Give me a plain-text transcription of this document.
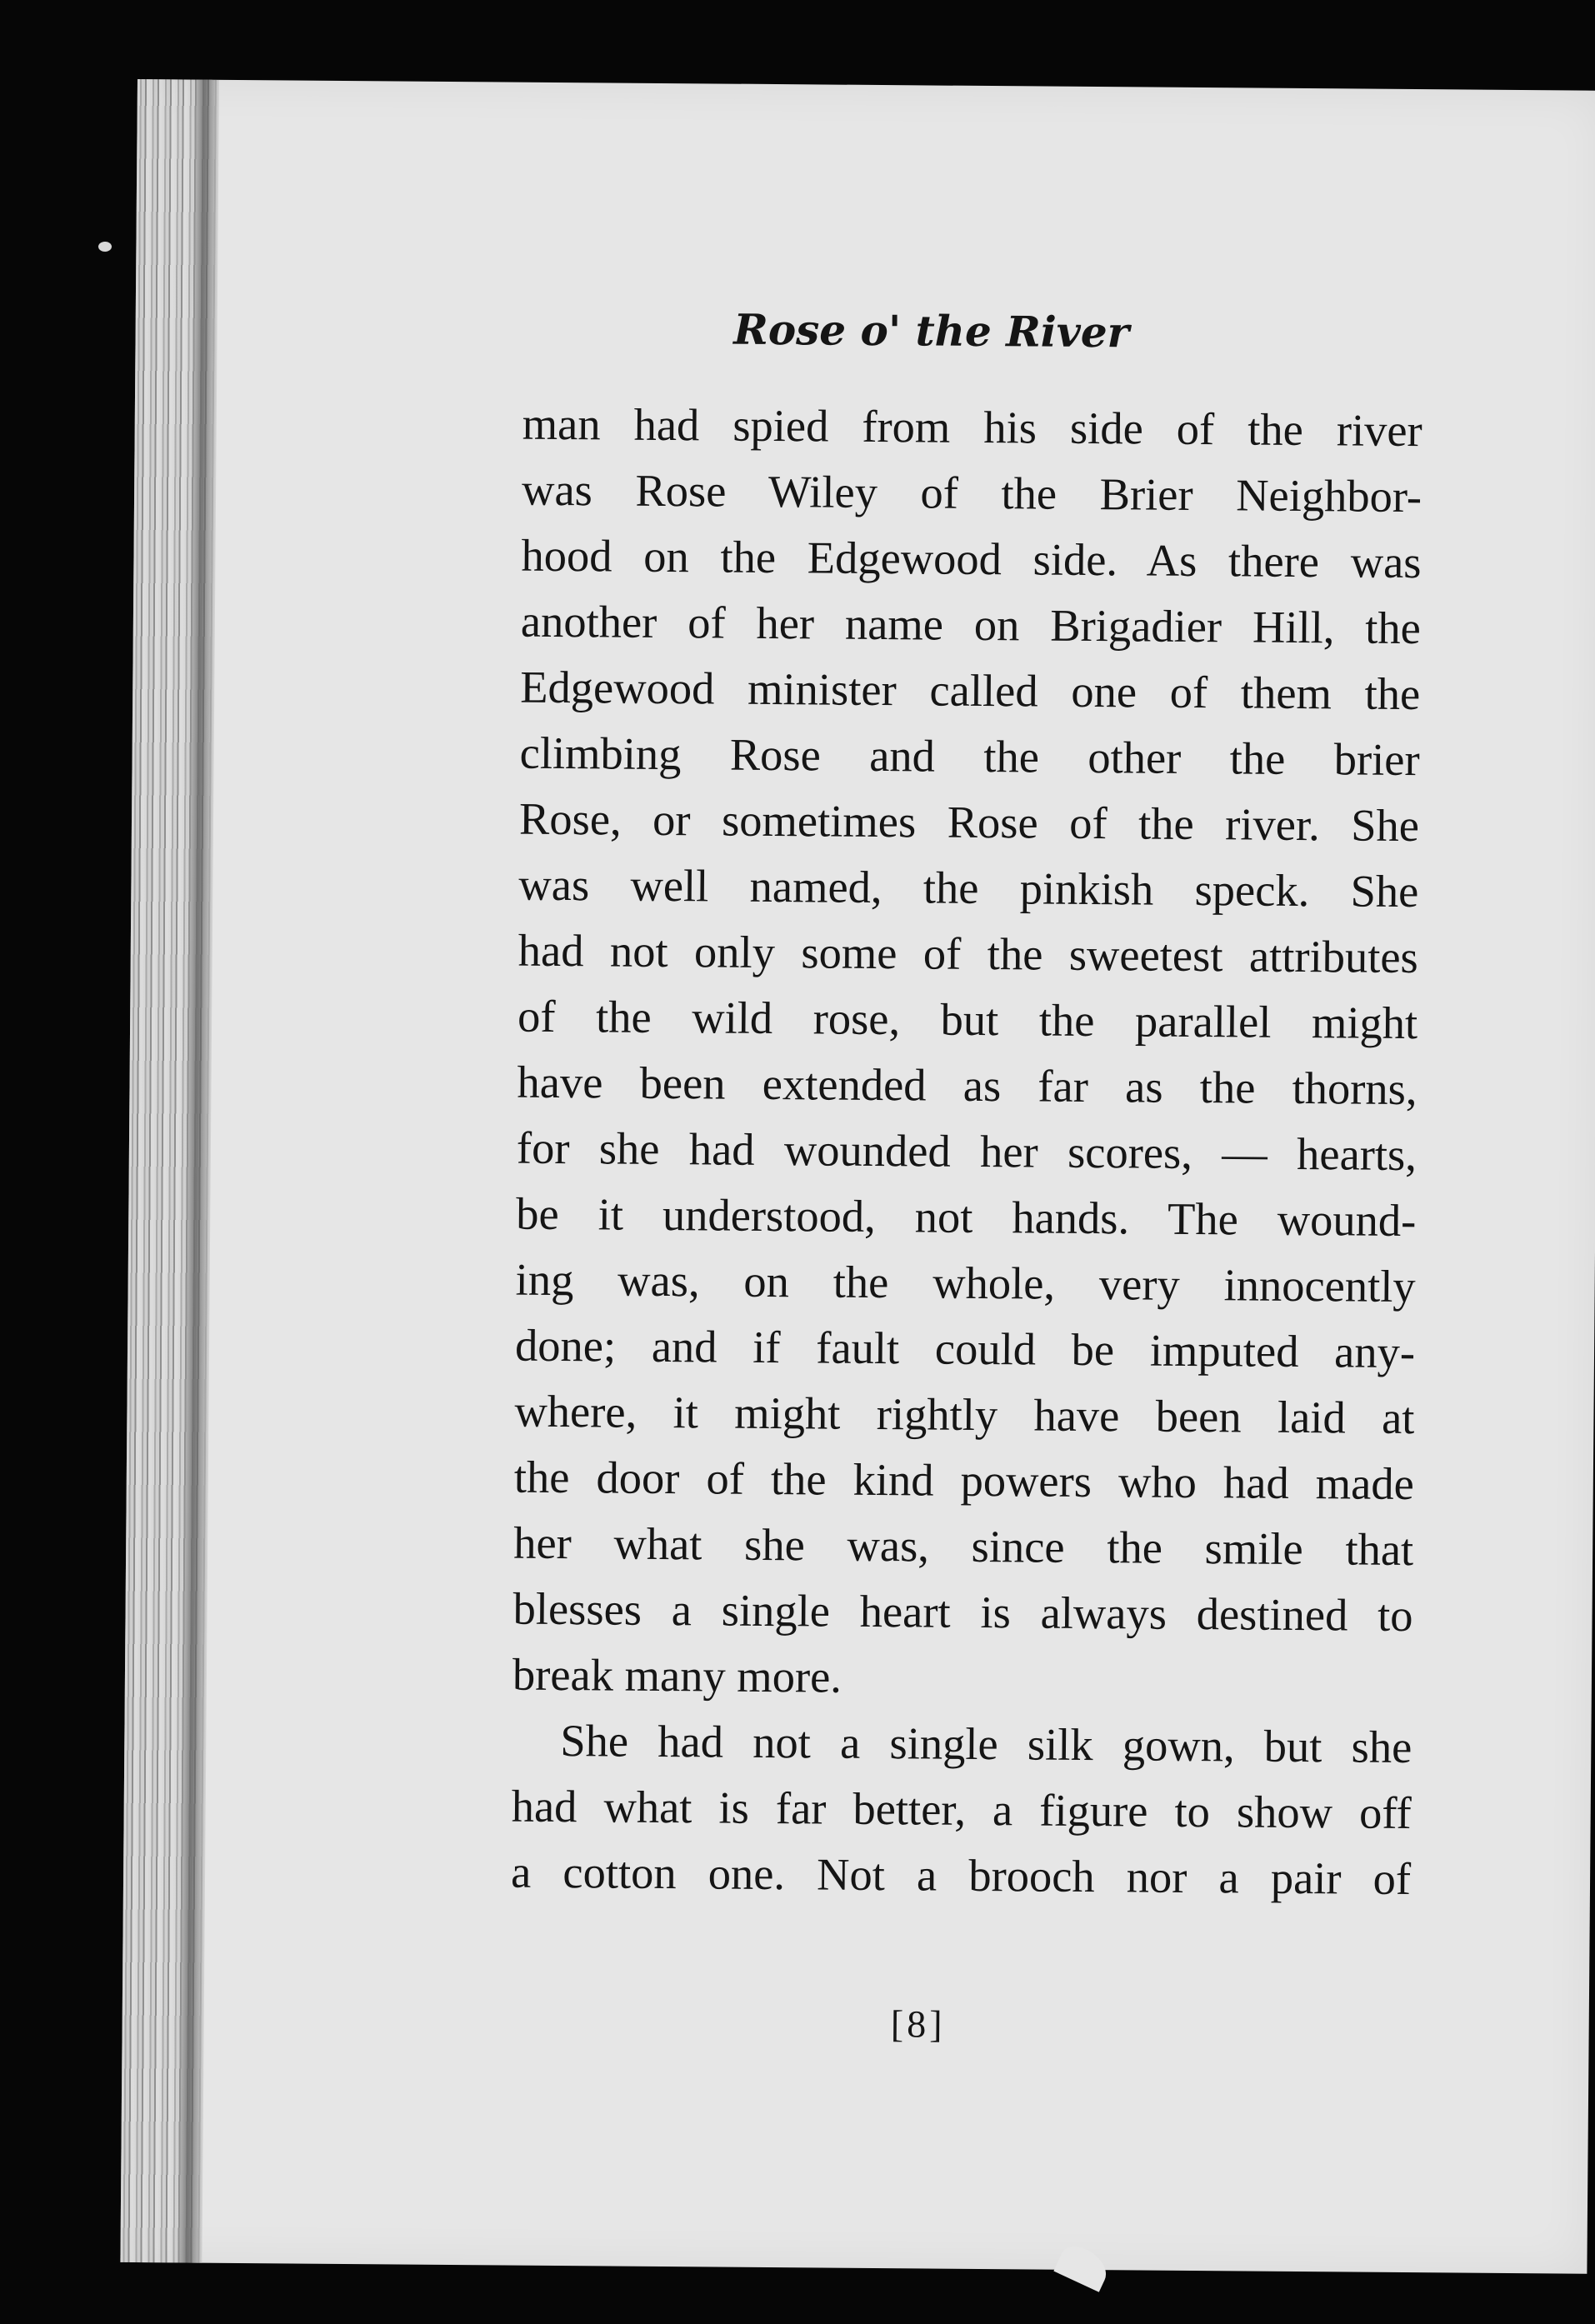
Rose o' the River

man had spied from his side of the river
was Rose Wiley of the Brier Neighbor-
hood on the Edgewood side. As there was
another of her name on Brigadier Hill, the
Edgewood minister called one of them the
climbing Rose and the other the brier
Rose, or sometimes Rose of the river. She
was well named, the pinkish speck. She
had not only some of the sweetest attributes
of the wild rose, but the parallel might
have been extended as far as the thorns,
for she had wounded her scores, — hearts,
be it understood, not hands. The wound-
ing was, on the whole, very innocently
done; and if fault could be imputed any-
where, it might rightly have been laid at
the door of the kind powers who had made
her what she was, since the smile that
blesses a single heart is always destined to
break many more.

She had not a single silk gown, but she
had what is far better, a figure to show off
a cotton one. Not a brooch nor a pair of

[8]
